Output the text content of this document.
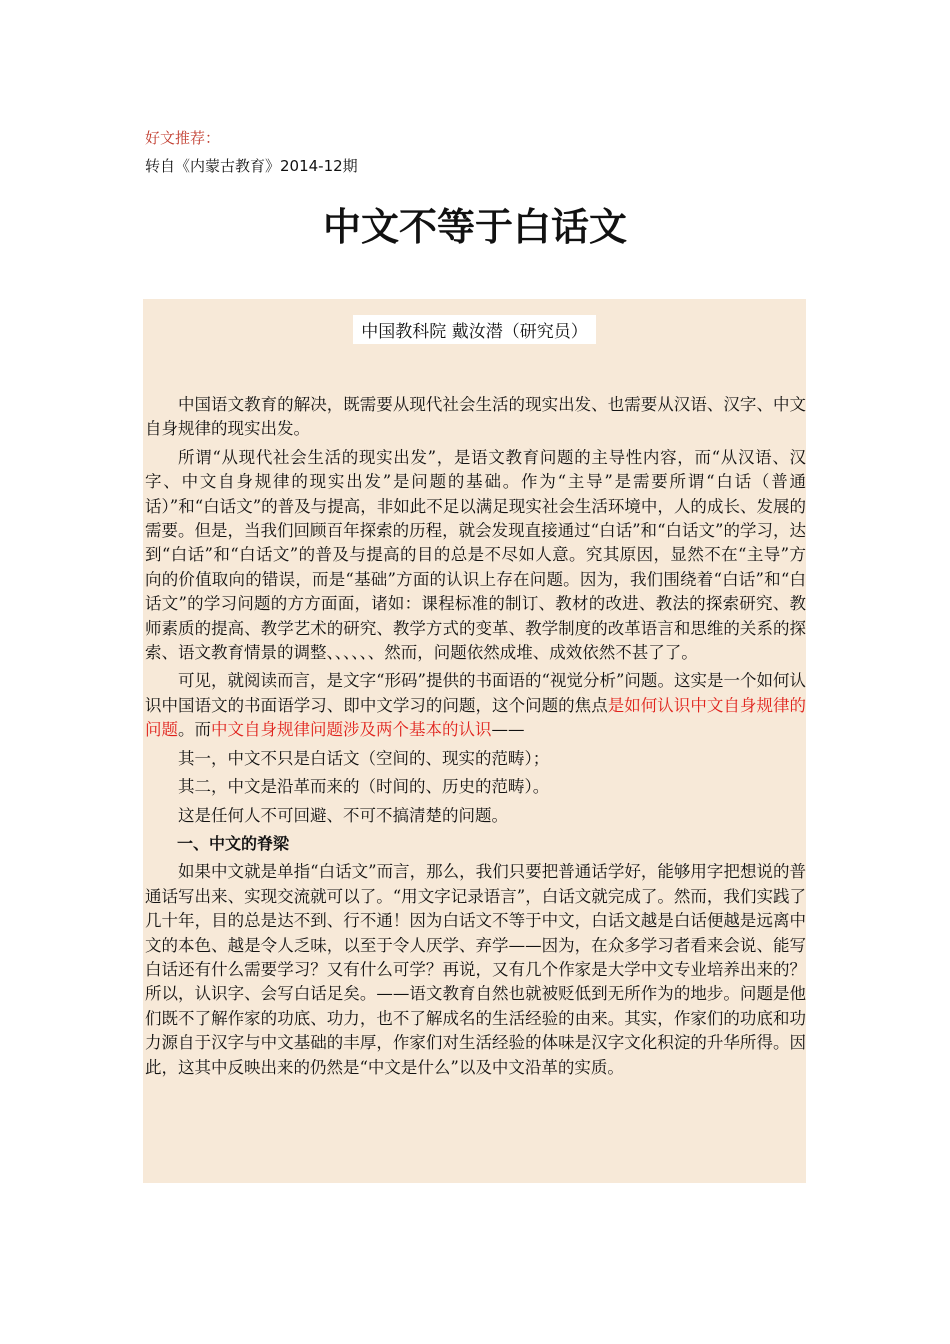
好文推荐：
转自《内蒙古教育》2014-12期
中文不等于白话文
中国教科院 戴汝潜（研究员）

中国语文教育的解决，既需要从现代社会生活的现实出发、也需要从汉语、汉字、中文自身规律的现实出发。

所谓“从现代社会生活的现实出发”，是语文教育问题的主导性内容，而“从汉语、汉字、中文自身规律的现实出发”是问题的基础。作为“主导”是需要所谓“白话（普通话）”和“白话文”的普及与提高，非如此不足以满足现实社会生活环境中，人的成长、发展的需要。但是，当我们回顾百年探索的历程，就会发现直接通过“白话”和“白话文”的学习，达到“白话”和“白话文”的普及与提高的目的总是不尽如人意。究其原因，显然不在“主导”方向的价值取向的错误，而是“基础”方面的认识上存在问题。因为，我们围绕着“白话”和“白话文”的学习问题的方方面面，诸如：课程标准的制订、教材的改进、教法的探索研究、教师素质的提高、教学艺术的研究、教学方式的变革、教学制度的改革语言和思维的关系的探索、语文教育情景的调整、、、、、、然而，问题依然成堆、成效依然不甚了了。

可见，就阅读而言，是文字“形码”提供的书面语的“视觉分析”问题。这实是一个如何认识中国语文的书面语学习、即中文学习的问题，这个问题的焦点是如何认识中文自身规律的问题。而中文自身规律问题涉及两个基本的认识——

其一，中文不只是白话文（空间的、现实的范畴）；

其二，中文是沿革而来的（时间的、历史的范畴）。

这是任何人不可回避、不可不搞清楚的问题。

一、中文的脊梁

如果中文就是单指“白话文”而言，那么，我们只要把普通话学好，能够用字把想说的普通话写出来、实现交流就可以了。“用文字记录语言”，白话文就完成了。然而，我们实践了几十年，目的总是达不到、行不通！因为白话文不等于中文，白话文越是白话便越是远离中文的本色、越是令人乏味，以至于令人厌学、弃学——因为，在众多学习者看来会说、能写白话还有什么需要学习？又有什么可学？再说，又有几个作家是大学中文专业培养出来的？所以，认识字、会写白话足矣。——语文教育自然也就被贬低到无所作为的地步。问题是他们既不了解作家的功底、功力，也不了解成名的生活经验的由来。其实，作家们的功底和功力源自于汉字与中文基础的丰厚，作家们对生活经验的体味是汉字文化积淀的升华所得。因此，这其中反映出来的仍然是“中文是什么”以及中文沿革的实质。
